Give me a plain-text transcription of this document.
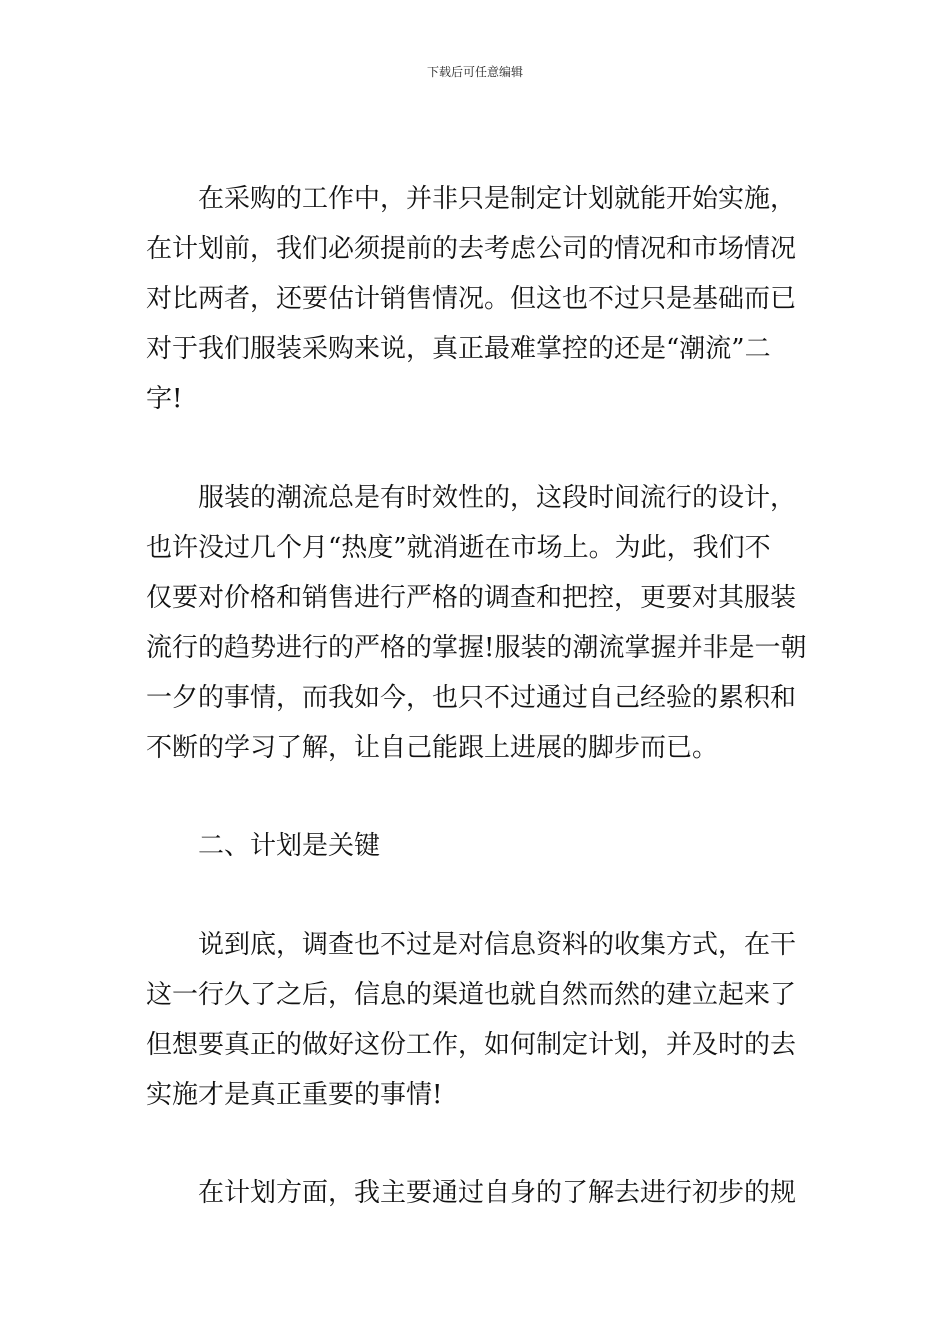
下载后可任意编辑
在采购的工作中，并非只是制定计划就能开始实施，
在计划前，我们必须提前的去考虑公司的情况和市场情况
对比两者，还要估计销售情况。但这也不过只是基础而已
对于我们服装采购来说，真正最难掌控的还是“潮流”二
字!
服装的潮流总是有时效性的，这段时间流行的设计，
也许没过几个月“热度”就消逝在市场上。为此，我们不
仅要对价格和销售进行严格的调查和把控，更要对其服装
流行的趋势进行的严格的掌握!服装的潮流掌握并非是一朝
一夕的事情，而我如今，也只不过通过自己经验的累积和
不断的学习了解，让自己能跟上进展的脚步而已。
二、计划是关键
说到底，调查也不过是对信息资料的收集方式，在干
这一行久了之后，信息的渠道也就自然而然的建立起来了
但想要真正的做好这份工作，如何制定计划，并及时的去
实施才是真正重要的事情!
在计划方面，我主要通过自身的了解去进行初步的规
